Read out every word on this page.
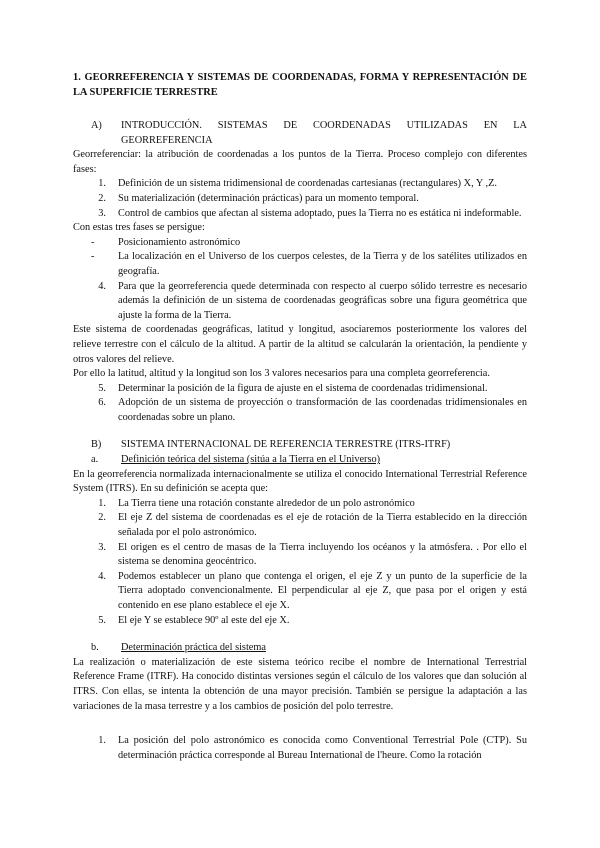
1. GEORREFERENCIA Y SISTEMAS DE COORDENADAS, FORMA Y REPRESENTACIÓN DE LA SUPERFICIE TERRESTRE

A)	INTRODUCCIÓN. SISTEMAS DE COORDENADAS UTILIZADAS EN LA GEORREFERENCIA

Georreferenciar: la atribución de coordenadas a los puntos de la Tierra. Proceso complejo con diferentes fases:

1.	Definición de un sistema tridimensional de coordenadas cartesianas (rectangulares) X, Y ,Z.
2.	Su materialización (determinación prácticas) para un momento temporal.
3.	Control de cambios que afectan al sistema adoptado, pues la Tierra no es estática ni indeformable.

Con estas tres fases se persigue:

-	Posicionamiento astronómico
-	La localización en el Universo de los cuerpos celestes, de la Tierra y de los satélites utilizados en geografía.
4.	Para que la georreferencia quede determinada con respecto al cuerpo sólido terrestre es necesario además la definición de un sistema de coordenadas geográficas sobre una figura geométrica que ajuste la forma de la Tierra.

Este sistema de coordenadas geográficas, latitud y longitud, asociaremos posteriormente los valores del relieve terrestre con el cálculo de la altitud. A partir de la altitud se calcularán la orientación, la pendiente y otros valores del relieve.

Por ello la latitud, altitud y la longitud son los 3 valores necesarios para una completa georreferencia.

5.	Determinar la posición de la figura de ajuste en el sistema de coordenadas tridimensional.
6.	Adopción de un sistema de proyección o transformación de las coordenadas tridimensionales en coordenadas sobre un plano.
B)	SISTEMA INTERNACIONAL DE REFERENCIA TERRESTRE (ITRS-ITRF)
a.	Definición teórica del sistema (sitúa a la Tierra en el Universo)

En la georreferencia normalizada internacionalmente se utiliza el conocido International Terrestrial Reference System (ITRS). En su definición se acepta que:

1.	La Tierra tiene una rotación constante alrededor de un polo astronómico
2.	El eje Z del sistema de coordenadas es el eje de rotación de la Tierra establecido en la dirección señalada por el polo astronómico.
3.	El origen es el centro de masas de la Tierra incluyendo los océanos y la atmósfera. . Por ello el sistema se denomina geocéntrico.
4.	Podemos establecer un plano que contenga el origen, el eje Z y un punto de la superficie de la Tierra adoptado convencionalmente. El perpendicular al eje Z, que pasa por el origen y está contenido en ese plano establece el eje X.
5.	El eje Y se establece 90º al este del eje X.
b.	Determinación práctica del sistema

La realización o materialización de este sistema teórico recibe el nombre de International Terrestrial Reference Frame (ITRF). Ha conocido distintas versiones según el cálculo de los valores que dan solución al ITRS. Con ellas, se intenta la obtención de una mayor precisión. También se persigue la adaptación a las variaciones de la masa terrestre y a los cambios de posición del polo terrestre.

1.	La posición del polo astronómico es conocida como Conventional Terrestrial Pole (CTP). Su determinación práctica corresponde al Bureau International de l'heure. Como la rotación
